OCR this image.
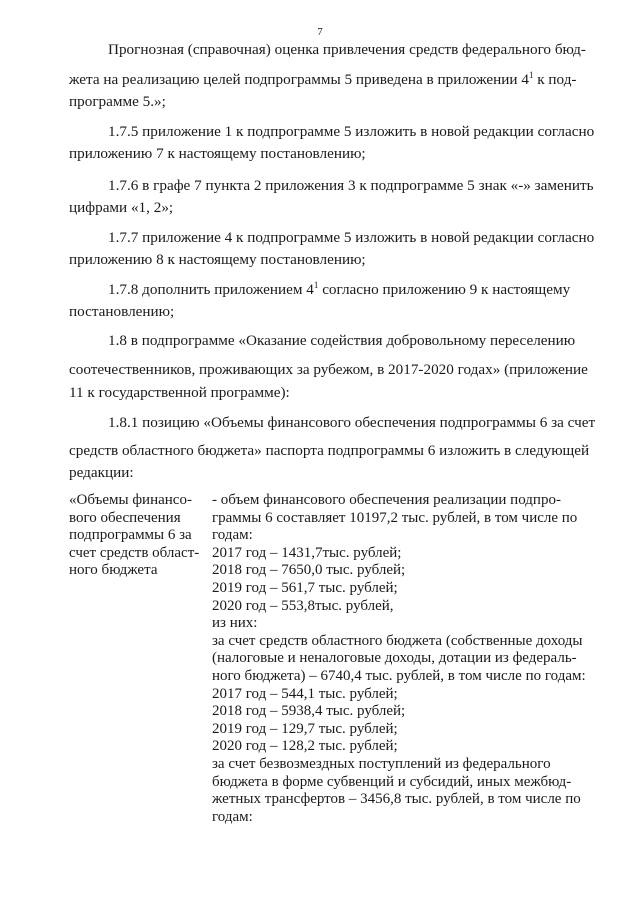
7
Прогнозная (справочная) оценка привлечения средств федерального бюд-
жета на реализацию целей подпрограммы 5 приведена в приложении $4^1$ к под-
программе 5.»;
1.7.5 приложение 1 к подпрограмме 5 изложить в новой редакции согласно
приложению 7 к настоящему постановлению;
1.7.6 в графе 7 пункта 2 приложения 3 к подпрограмме 5 знак «-» заменить
цифрами «1, 2»;
1.7.7 приложение 4 к подпрограмме 5 изложить в новой редакции согласно
приложению 8 к настоящему постановлению;
1.7.8 дополнить приложением $4^1$ согласно приложению 9 к настоящему
постановлению;
1.8 в подпрограмме «Оказание содействия добровольному переселению
соотечественников, проживающих за рубежом, в 2017-2020 годах» (приложение
11 к государственной программе):
1.8.1 позицию «Объемы финансового обеспечения подпрограммы 6 за счет
средств областного бюджета» паспорта подпрограммы 6 изложить в следующей
редакции:
«Объемы финансо-
вого обеспечения
подпрограммы 6 за
счет средств област-
ного бюджета
- объем финансового обеспечения реализации подпро-
граммы 6 составляет 10197,2 тыс. рублей, в том числе по
годам:
2017 год – 1431,7тыс. рублей;
2018 год – 7650,0 тыс. рублей;
2019 год – 561,7 тыс. рублей;
2020 год – 553,8тыс. рублей,
из них:
за счет средств областного бюджета (собственные доходы
(налоговые и неналоговые доходы, дотации из федераль-
ного бюджета) – 6740,4 тыс. рублей, в том числе по годам:
2017 год – 544,1 тыс. рублей;
2018 год – 5938,4 тыс. рублей;
2019 год – 129,7 тыс. рублей;
2020 год – 128,2 тыс. рублей;
за счет безвозмездных поступлений из федерального
бюджета в форме субвенций и субсидий, иных межбюд-
жетных трансфертов – 3456,8 тыс. рублей, в том числе по
годам:
